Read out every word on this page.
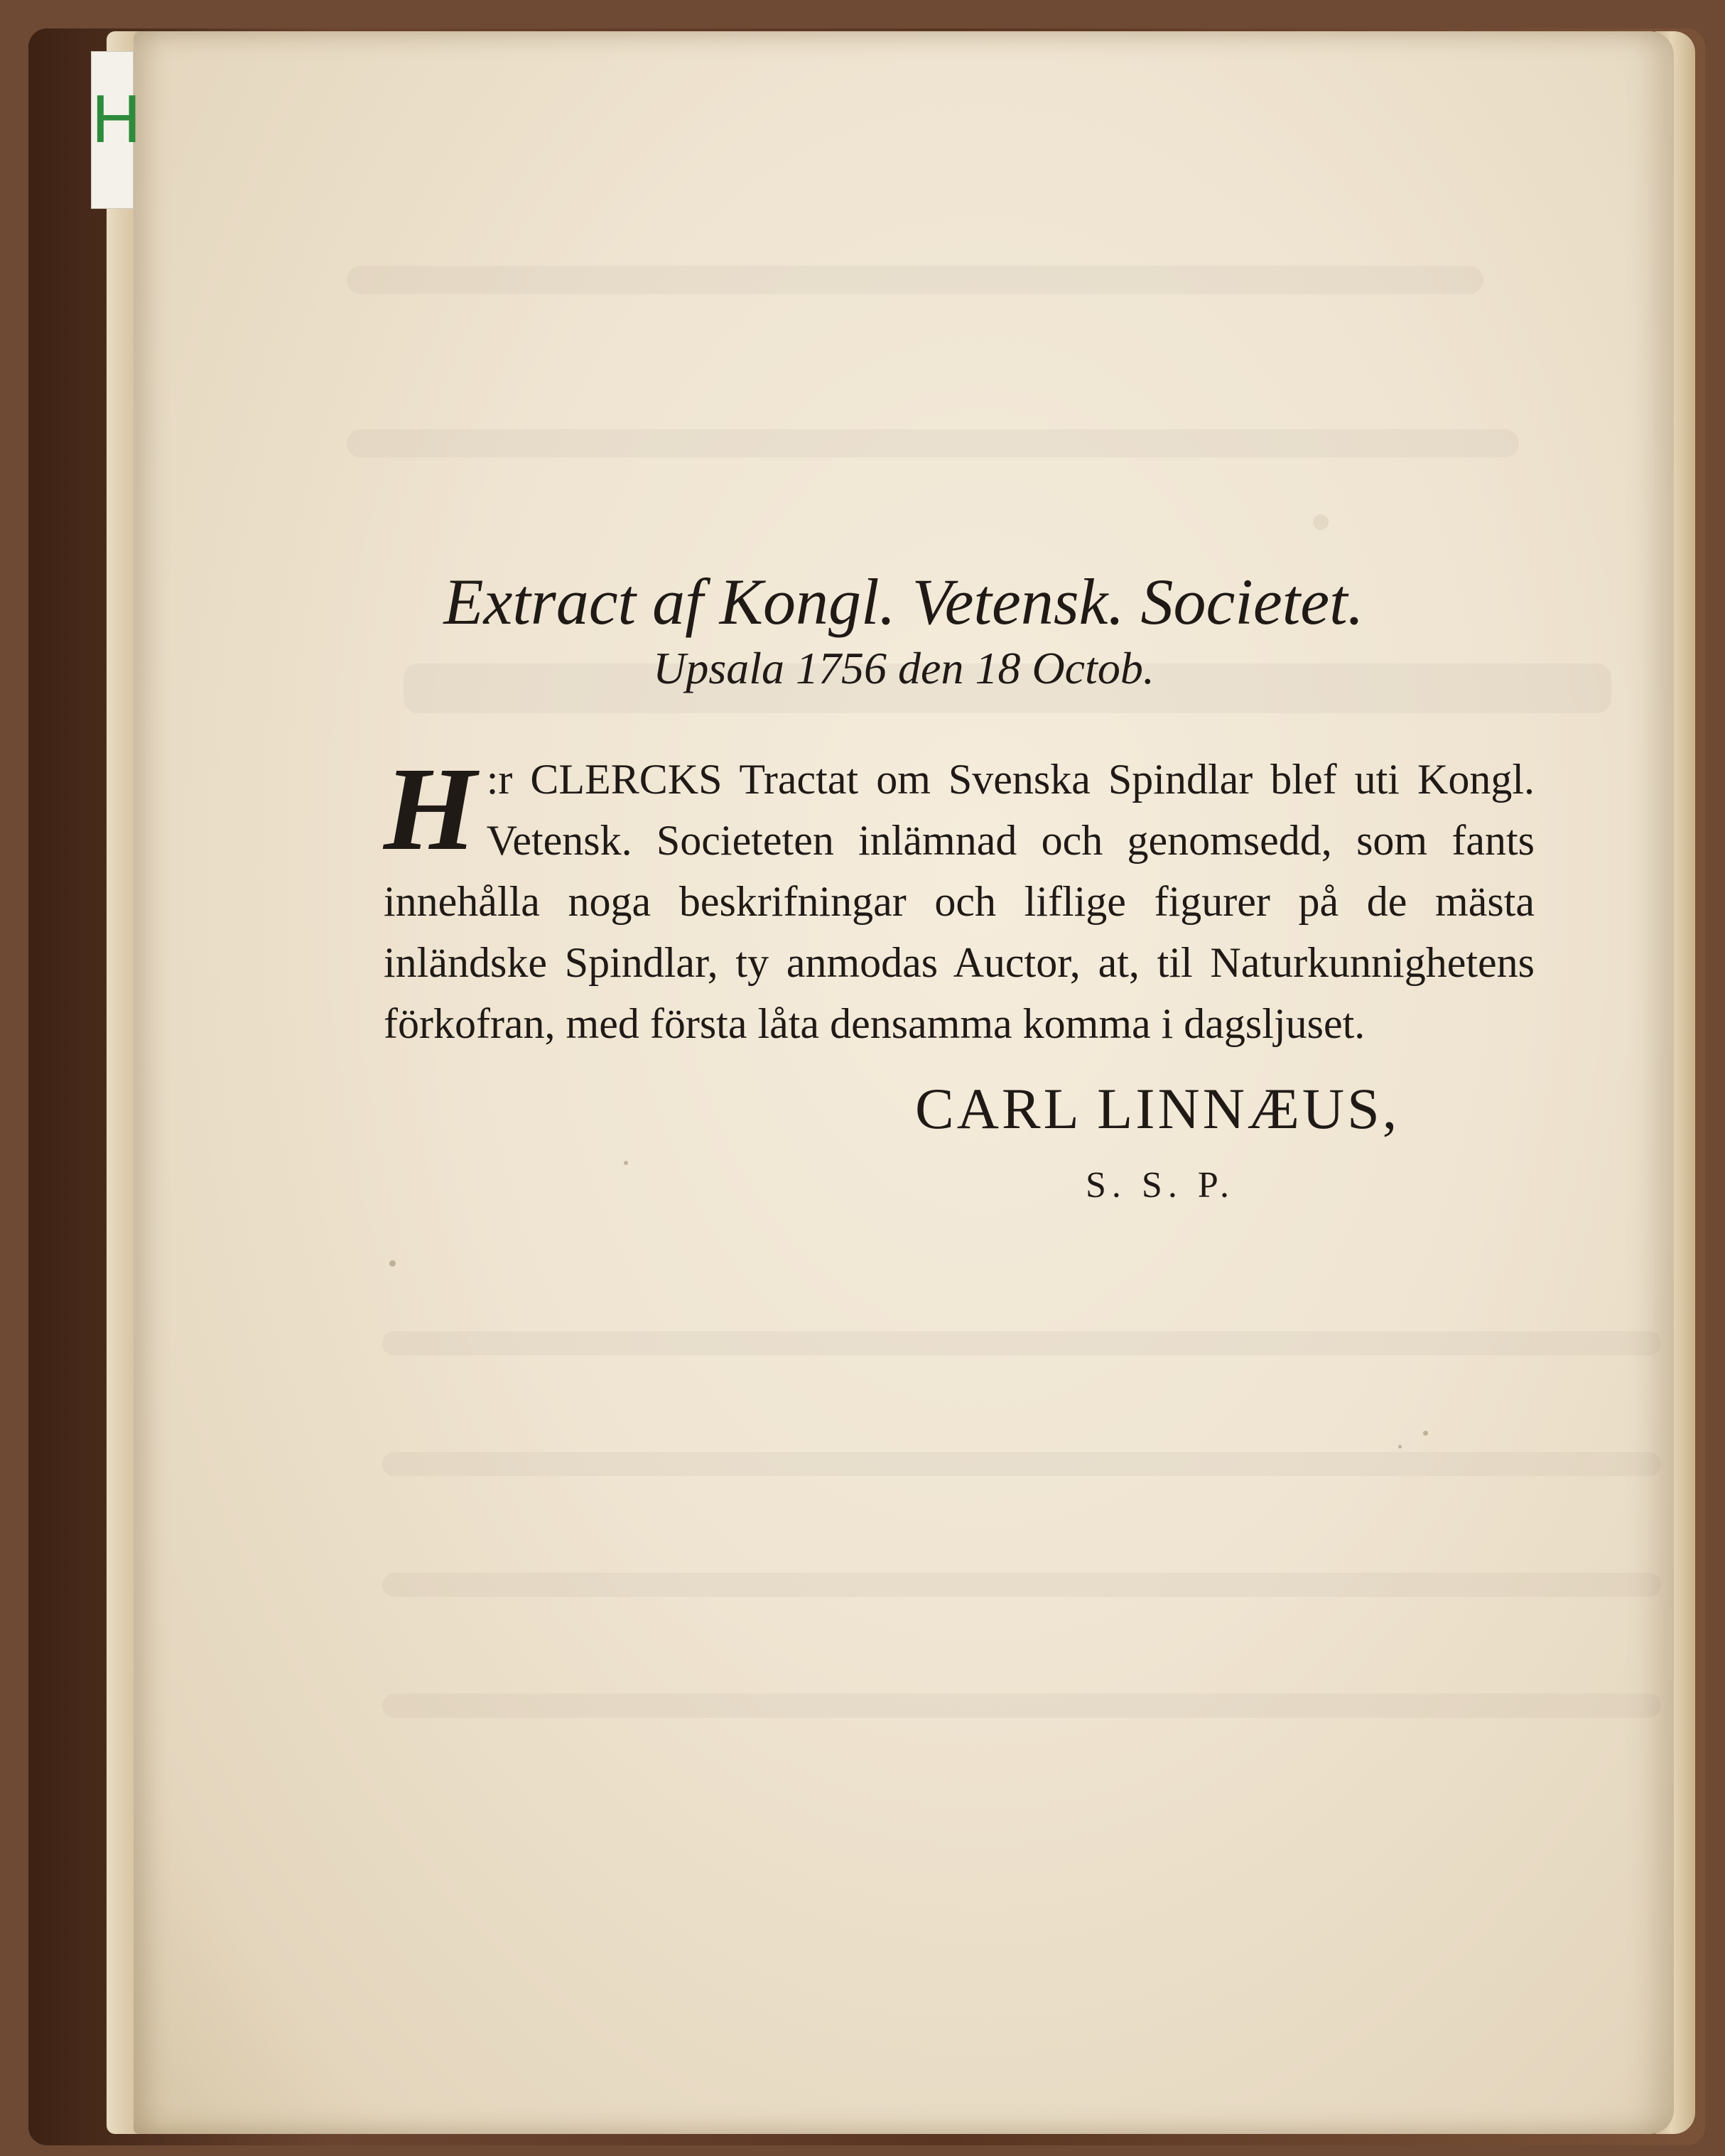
Extract af Kongl. Vetensk. Societet.
Upsala 1756 den 18 Octob.
H :r CLERCKS Tractat om Svenska Spindlar blef uti Kongl. Vetensk. Societeten inlämnad och genomsedd, som fants innehålla noga beskrifningar och liflige figurer på de mästa inländske Spindlar, ty anmodas Auctor, at, til Naturkunnighetens förkofran, med första låta densamma komma i dagsljuset.
CARL LINNÆUS,
S. S. P.
H
